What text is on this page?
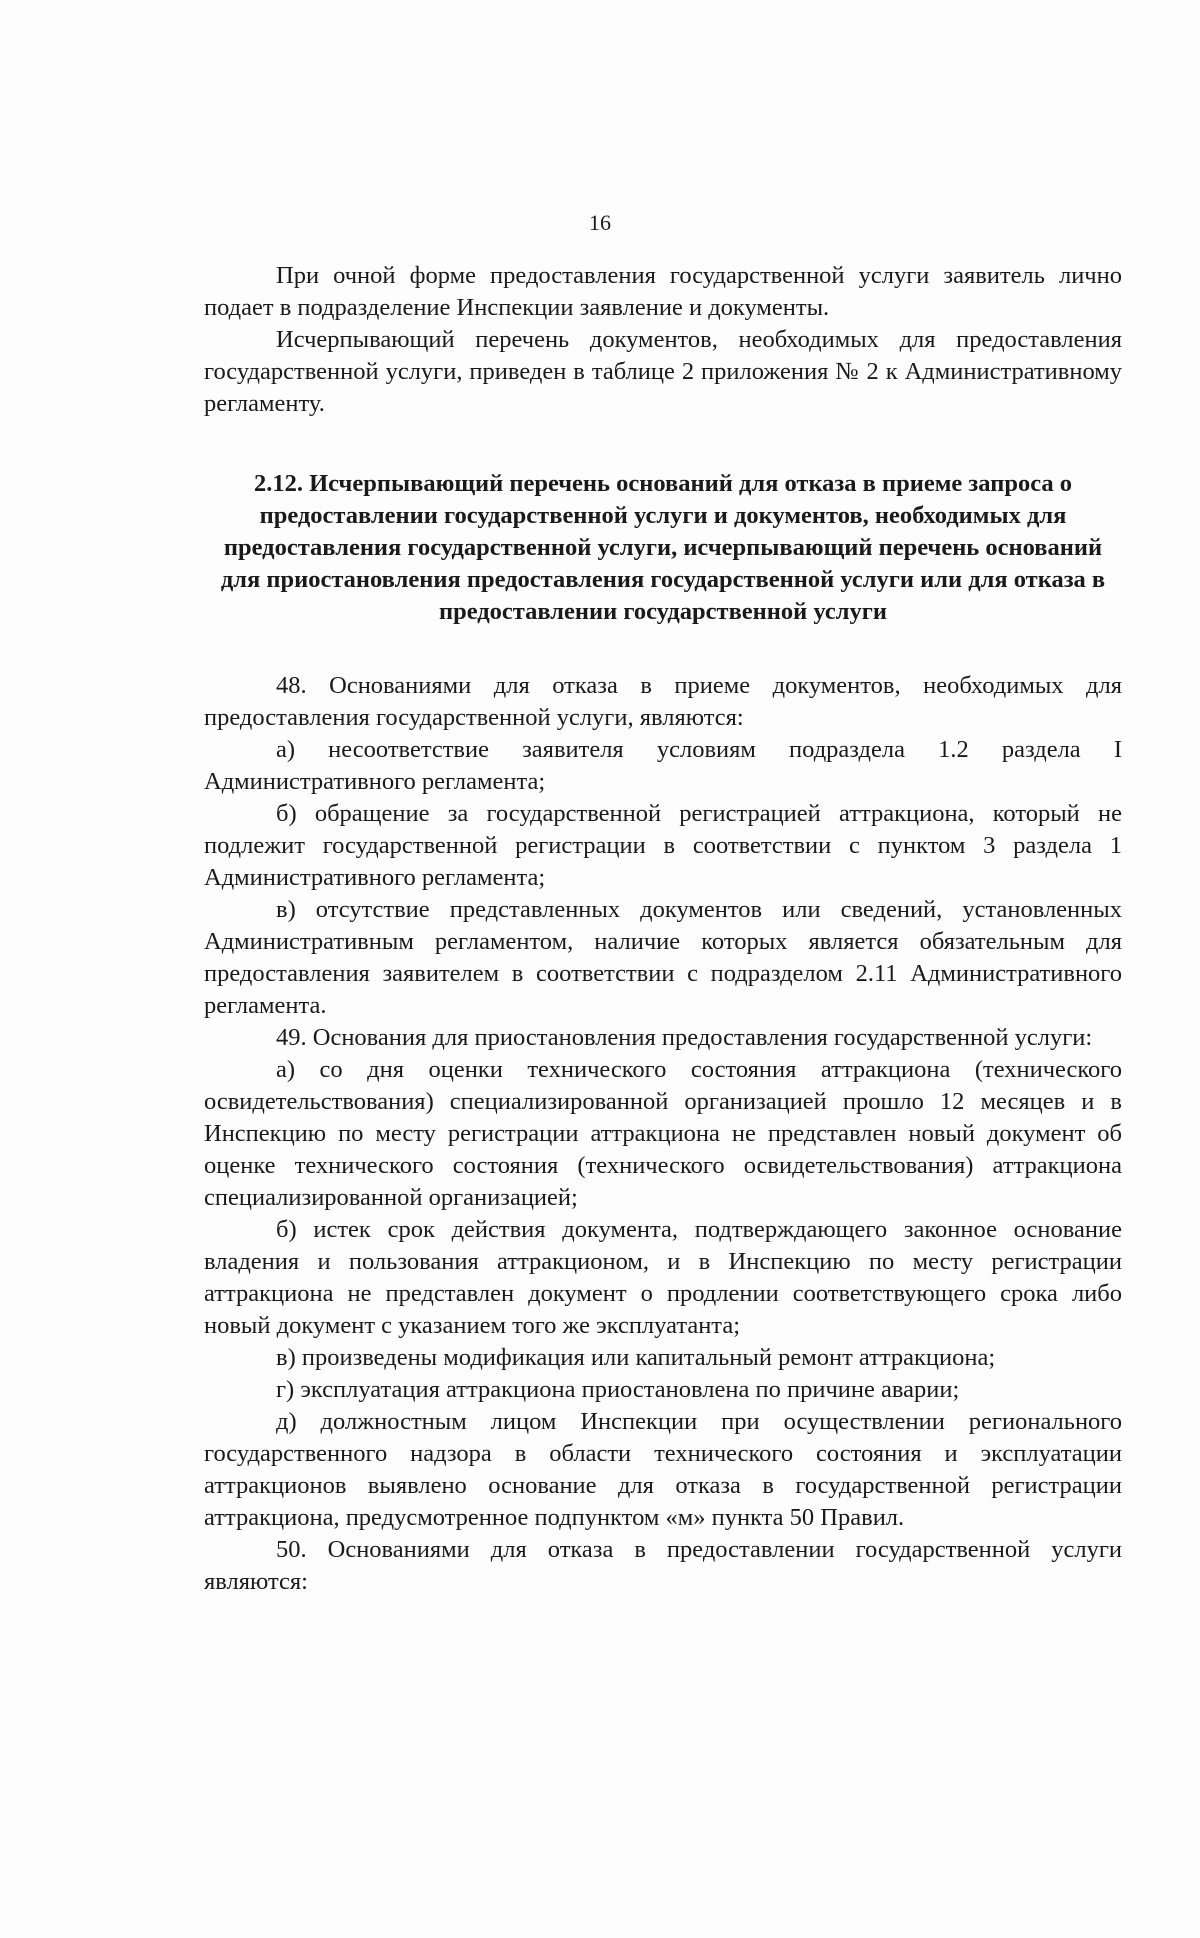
16

При очной форме предоставления государственной услуги заявитель лично подает в подразделение Инспекции заявление и документы.

Исчерпывающий перечень документов, необходимых для предоставления государственной услуги, приведен в таблице 2 приложения № 2 к Административному регламенту.

2.12. Исчерпывающий перечень оснований для отказа в приеме запроса о предоставлении государственной услуги и документов, необходимых для предоставления государственной услуги, исчерпывающий перечень оснований для приостановления предоставления государственной услуги или для отказа в предоставлении государственной услуги

48. Основаниями для отказа в приеме документов, необходимых для предоставления государственной услуги, являются:

а) несоответствие заявителя условиям подраздела 1.2 раздела I Административного регламента;

б) обращение за государственной регистрацией аттракциона, который не подлежит государственной регистрации в соответствии с пунктом 3 раздела 1 Административного регламента;

в) отсутствие представленных документов или сведений, установленных Административным регламентом, наличие которых является обязательным для предоставления заявителем в соответствии с подразделом 2.11 Административного регламента.

49. Основания для приостановления предоставления государственной услуги:

а) со дня оценки технического состояния аттракциона (технического освидетельствования) специализированной организацией прошло 12 месяцев и в Инспекцию по месту регистрации аттракциона не представлен новый документ об оценке технического состояния (технического освидетельствования) аттракциона специализированной организацией;

б) истек срок действия документа, подтверждающего законное основание владения и пользования аттракционом, и в Инспекцию по месту регистрации аттракциона не представлен документ о продлении соответствующего срока либо новый документ с указанием того же эксплуатанта;

в) произведены модификация или капитальный ремонт аттракциона;

г) эксплуатация аттракциона приостановлена по причине аварии;

д) должностным лицом Инспекции при осуществлении регионального государственного надзора в области технического состояния и эксплуатации аттракционов выявлено основание для отказа в государственной регистрации аттракциона, предусмотренное подпунктом «м» пункта 50 Правил.

50. Основаниями для отказа в предоставлении государственной услуги являются:
